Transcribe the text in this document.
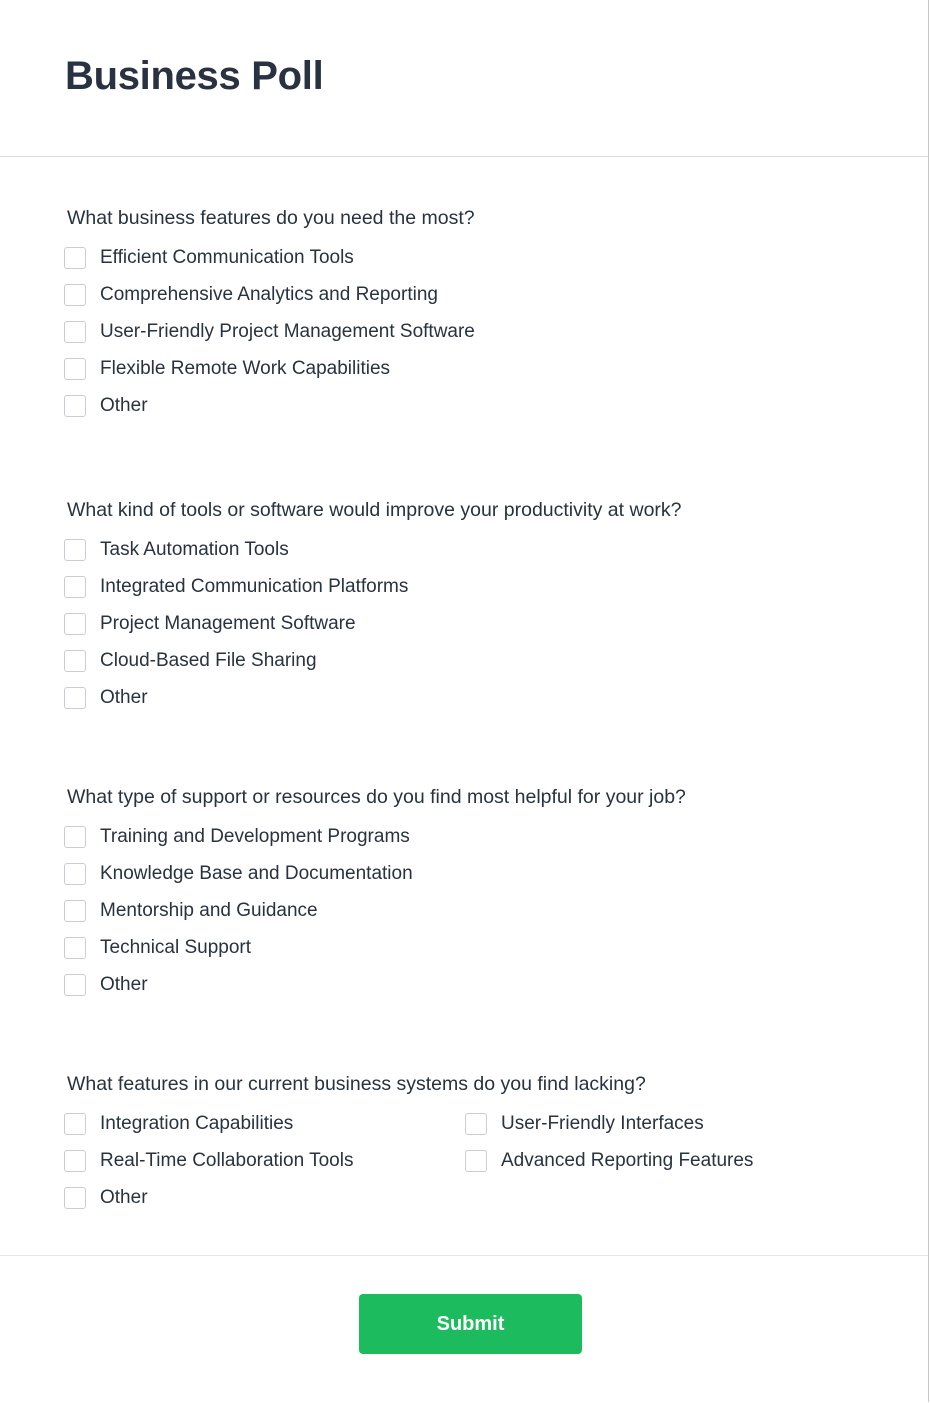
Business Poll
What business features do you need the most?
Efficient Communication Tools
Comprehensive Analytics and Reporting
User-Friendly Project Management Software
Flexible Remote Work Capabilities
Other
What kind of tools or software would improve your productivity at work?
Task Automation Tools
Integrated Communication Platforms
Project Management Software
Cloud-Based File Sharing
Other
What type of support or resources do you find most helpful for your job?
Training and Development Programs
Knowledge Base and Documentation
Mentorship and Guidance
Technical Support
Other
What features in our current business systems do you find lacking?
Integration Capabilities	User-Friendly Interfaces
Real-Time Collaboration Tools	Advanced Reporting Features
Other
Submit
